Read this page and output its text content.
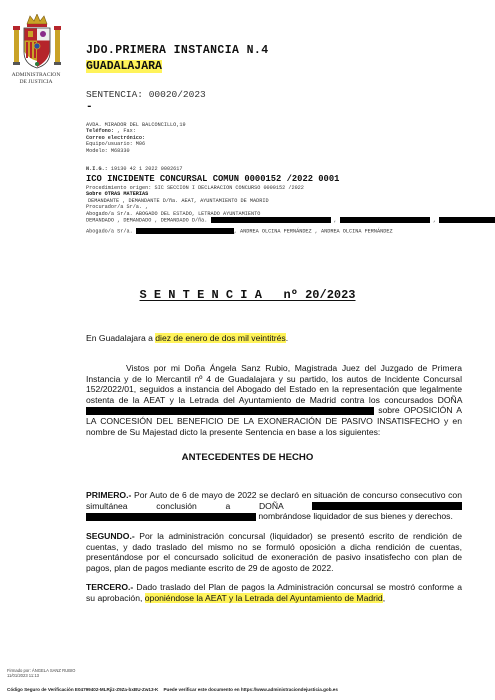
ADMINISTRACION
DE JUSTICIA
JDO.PRIMERA INSTANCIA N.4
GUADALAJARA
SENTENCIA: 00020/2023
-
AVDA. MIRADOR DEL BALCONCILLO,19
Teléfono: , Fax:
Correo electrónico:
Equipo/usuario: M06
Modelo: M68330
N.I.G.: 19130 42 1 2022 0002617
ICO INCIDENTE CONCURSAL COMUN 0000152 /2022 0001
Procedimiento origen: SIC SECCION I DECLARACION CONCURSO 0000152 /2022
Sobre OTRAS MATERIAS
DEMANDANTE , DEMANDANTE D/ña. AEAT, AYUNTAMIENTO DE MADRID
Procurador/a Sr/a. ,
Abogado/a Sr/a. ABOGADO DEL ESTADO, LETRADO AYUNTAMIENTO
DEMANDADO , DEMANDADO , DEMANDADO D/ña.	,	,
Abogado/a Sr/a.	, ANDREA OLCINA FERNÁNDEZ , ANDREA OLCINA FERNÁNDEZ
S E N T E N C I A   nº 20/2023
En Guadalajara a diez de enero de dos mil veintitrés.
Vistos por mi Doña Ángela Sanz Rubio, Magistrada Juez del Juzgado de Primera Instancia y de lo Mercantil nº 4 de Guadalajara y su partido, los autos de Incidente Concursal 152/2022/01, seguidos a instancia del Abogado del Estado en la representación que legalmente ostenta de la AEAT y la Letrada del Ayuntamiento de Madrid contra los concursados DOÑA  sobre OPOSICIÓN A LA CONCESIÓN DEL BENEFICIO DE LA EXONERACIÓN DE PASIVO INSATISFECHO y en nombre de Su Majestad dicto la presente Sentencia en base a los siguientes:
ANTECEDENTES DE HECHO
PRIMERO.- Por Auto de 6 de mayo de 2022 se declaró en situación de concurso consecutivo con simultánea conclusión a DOÑA   nombrándose liquidador de sus bienes y derechos.
SEGUNDO.- Por la administración concursal (liquidador) se presentó escrito de rendición de cuentas, y dado traslado del mismo no se formuló oposición a dicha rendición de cuentas, presentándose por el concursado solicitud de exoneración de pasivo insatisfecho con plan de pagos, plan de pagos mediante escrito de 29 de agosto de 2022.
TERCERO.- Dado traslado del Plan de pagos la Administración concursal se mostró conforme a su aprobación, oponiéndose la AEAT y la Letrada del Ayuntamiento de Madrid,
Firmado por: ÁNGELA SANZ RUBIO
11/01/2023 11:13
Código Seguro de Verificación E04799402-MLRjiz-Z9Za-bxBU-Zw13-K Puede verificar este documento en https://www.administraciondejusticia.gob.es
